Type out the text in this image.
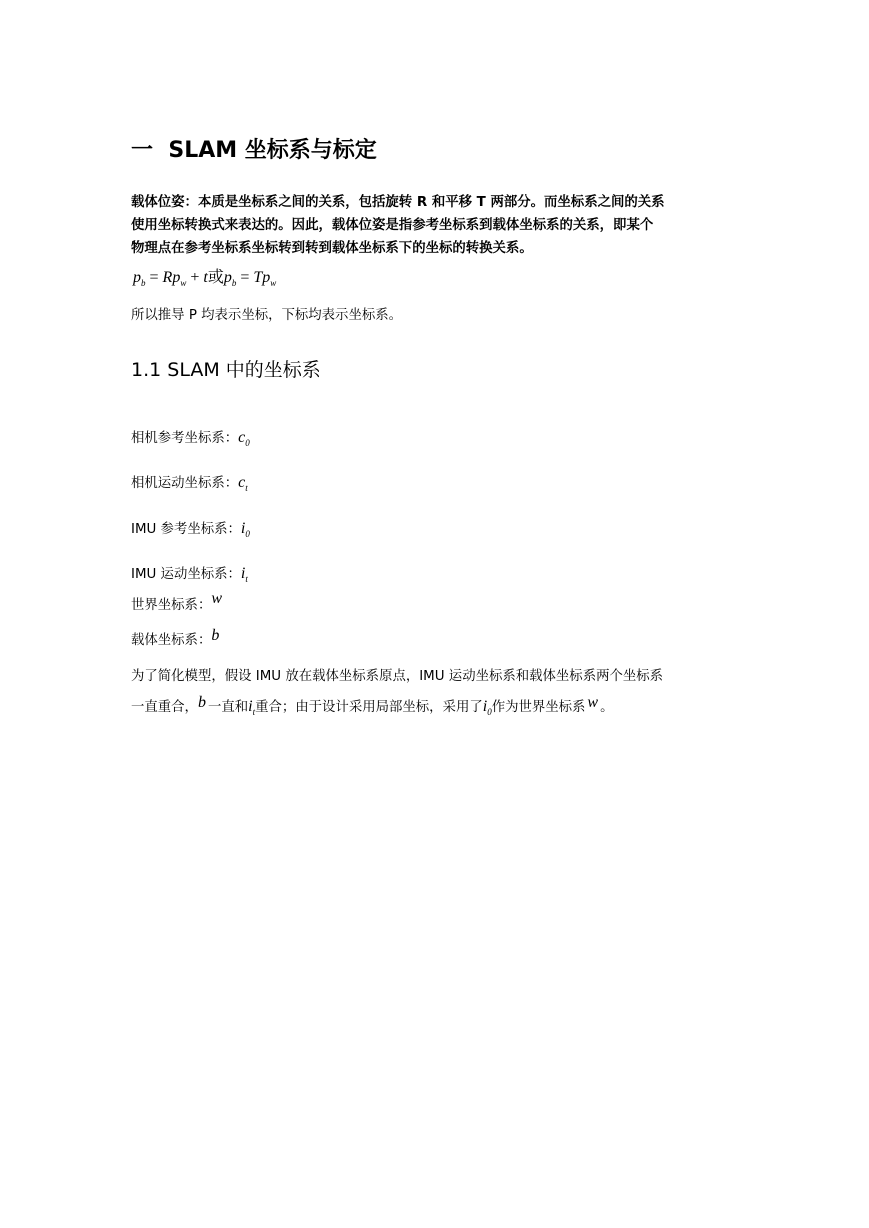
一 SLAM 坐标系与标定
载体位姿：本质是坐标系之间的关系，包括旋转 R 和平移 T 两部分。而坐标系之间的关系
使用坐标转换式来表达的。因此，载体位姿是指参考坐标系到载体坐标系的关系，即某个
物理点在参考坐标系坐标转到转到载体坐标系下的坐标的转换关系。
$p_b = Rp_w + t$或$p_b = Tp_w$
所以推导 P 均表示坐标，下标均表示坐标系。
1.1 SLAM 中的坐标系
相机参考坐标系：$c_0$
相机运动坐标系：$c_t$
IMU 参考坐标系：$i_0$
IMU 运动坐标系：$i_t$
世界坐标系：w
载体坐标系：b
为了简化模型，假设 IMU 放在载体坐标系原点，IMU 运动坐标系和载体坐标系两个坐标系
一直重合，b 一直和$i_t$重合；由于设计采用局部坐标，采用了$i_0$作为世界坐标系 w 。
